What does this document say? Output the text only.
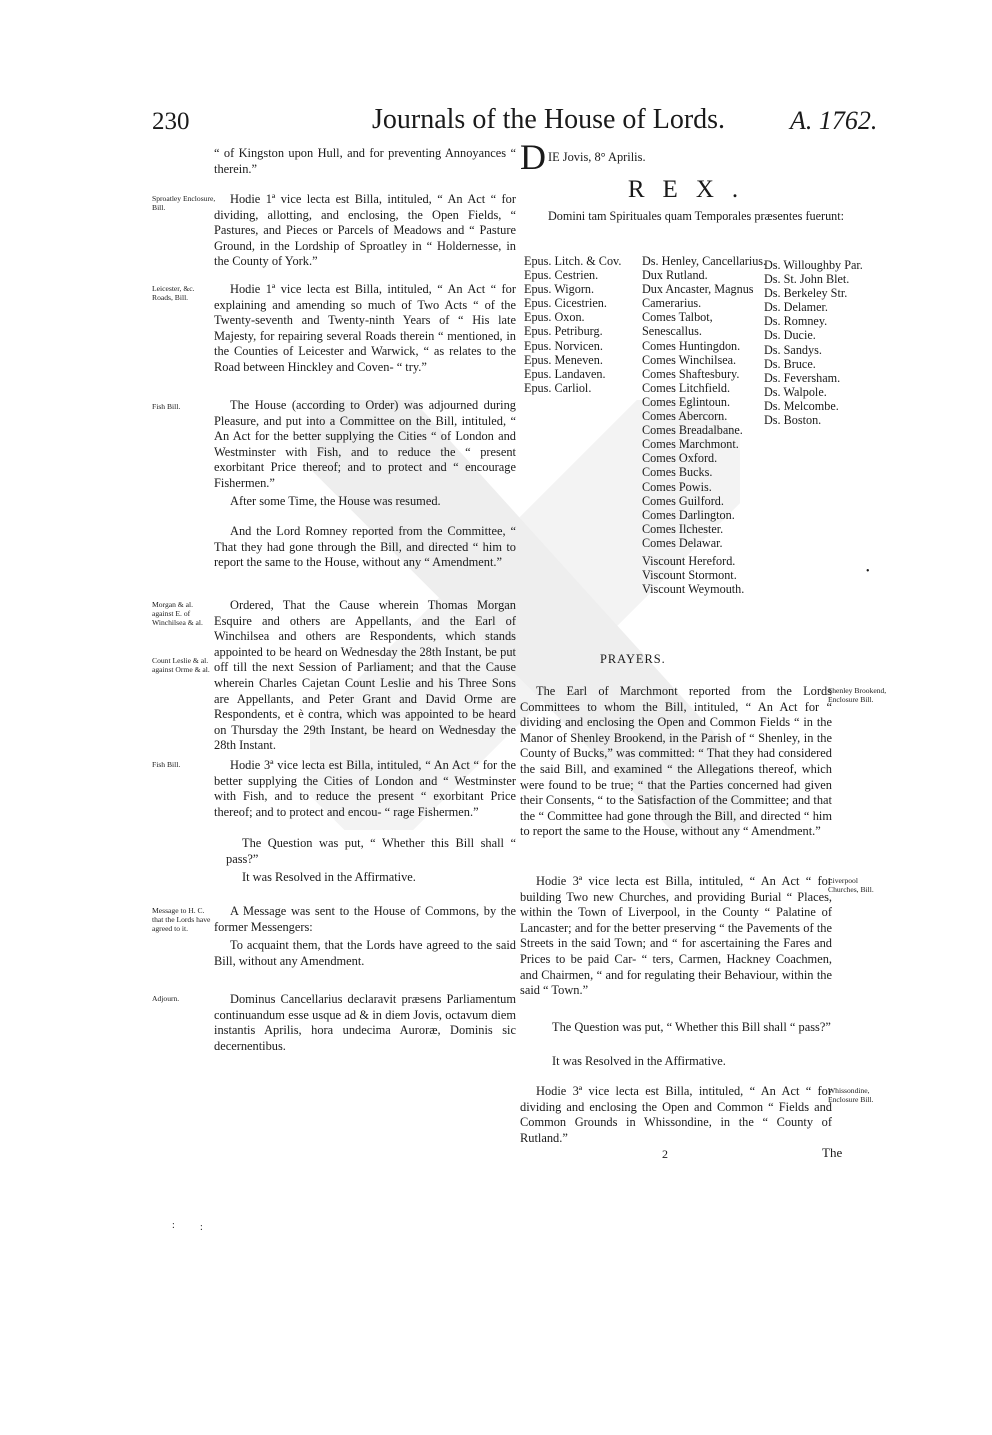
230	Journals of the House of Lords. A. 1762.

“ of Kingston upon Hull, and for preventing Annoyances “ therein.”

Hodie 1ª vice lecta est Billa, intituled, “ An Act “ for dividing, allotting, and enclosing, the Open Fields, “ Pastures, and Pieces or Parcels of Meadows and “ Pasture Ground, in the Lordship of Sproatley in “ Holdernesse, in the County of York.”

Hodie 1ª vice lecta est Billa, intituled, “ An Act “ for explaining and amending so much of Two Acts “ of the Twenty-seventh and Twenty-ninth Years of “ His late Majesty, for repairing several Roads therein “ mentioned, in the Counties of Leicester and Warwick, “ as relates to the Road between Hinckley and Coven- “ try.”

The House (according to Order) was adjourned during Pleasure, and put into a Committee on the Bill, intituled, “ An Act for the better supplying the Cities “ of London and Westminster with Fish, and to reduce the “ present exorbitant Price thereof; and to protect and “ encourage Fishermen.”

After some Time, the House was resumed.

And the Lord Romney reported from the Committee, “ That they had gone through the Bill, and directed “ him to report the same to the House, without any “ Amendment.”

Ordered, That the Cause wherein Thomas Morgan Esquire and others are Appellants, and the Earl of Winchilsea and others are Respondents, which stands appointed to be heard on Wednesday the 28th Instant, be put off till the next Session of Parliament; and that the Cause wherein Charles Cajetan Count Leslie and his Three Sons are Appellants, and Peter Grant and David Orme are Respondents, et è contra, which was appointed to be heard on Thursday the 29th Instant, be heard on Wednesday the 28th Instant.

Hodie 3ª vice lecta est Billa, intituled, “ An Act “ for the better supplying the Cities of London and “ Westminster with Fish, and to reduce the present “ exorbitant Price thereof; and to protect and encou- “ rage Fishermen.”

The Question was put, “ Whether this Bill shall “ pass?”

It was Resolved in the Affirmative.

A Message was sent to the House of Commons, by the former Messengers:

To acquaint them, that the Lords have agreed to the said Bill, without any Amendment.

Dominus Cancellarius declaravit præsens Parliamentum continuandum esse usque ad & in diem Jovis, octavum diem instantis Aprilis, hora undecima Auroræ, Dominis sic decernentibus.

Sproatley Enclosure, Bill.
Leicester, &c. Roads, Bill.
Fish Bill.
Morgan & al. against E. of Winchilsea & al.
Count Leslie & al. against Orme & al.
Fish Bill.
Message to H. C. that the Lords have agreed to it.
Adjourn.
D IE Jovis, 8° Aprilis.
REX.
Domini tam Spirituales quam Temporales præsentes fuerunt:
Epus. Litch. & Cov.
Epus. Cestrien.
Epus. Wigorn.
Epus. Cicestrien.
Epus. Oxon.
Epus. Petriburg.
Epus. Norvicen.
Epus. Meneven.
Epus. Landaven.
Epus. Carliol.
Ds. Henley, Cancellarius.
Dux Rutland.
Dux Ancaster, Magnus Camerarius.
Comes Talbot, Senescallus.
Comes Huntingdon.
Comes Winchilsea.
Comes Shaftesbury.
Comes Litchfield.
Comes Eglintoun.
Comes Abercorn.
Comes Breadalbane.
Comes Marchmont.
Comes Oxford.
Comes Bucks.
Comes Powis.
Comes Guilford.
Comes Darlington.
Comes Ilchester.
Comes Delawar.
Viscount Hereford.
Viscount Stormont.
Viscount Weymouth.
Ds. Willoughby Par.
Ds. St. John Blet.
Ds. Berkeley Str.
Ds. Delamer.
Ds. Romney.
Ds. Ducie.
Ds. Sandys.
Ds. Bruce.
Ds. Feversham.
Ds. Walpole.
Ds. Melcombe.
Ds. Boston.
PRAYERS.

The Earl of Marchmont reported from the Lords Committees to whom the Bill, intituled, “ An Act for “ dividing and enclosing the Open and Common Fields “ in the Manor of Shenley Brookend, in the Parish of “ Shenley, in the County of Bucks,” was committed: “ That they had considered the said Bill, and examined “ the Allegations thereof, which were found to be true; “ that the Parties concerned had given their Consents, “ to the Satisfaction of the Committee; and that the “ Committee had gone through the Bill, and directed “ him to report the same to the House, without any “ Amendment.”

Hodie 3ª vice lecta est Billa, intituled, “ An Act “ for building Two new Churches, and providing Burial “ Places, within the Town of Liverpool, in the County “ Palatine of Lancaster; and for the better preserving “ the Pavements of the Streets in the said Town; and “ for ascertaining the Fares and Prices to be paid Car- “ ters, Carmen, Hackney Coachmen, and Chairmen, “ and for regulating their Behaviour, within the said “ Town.”

The Question was put, “ Whether this Bill shall “ pass?”

It was Resolved in the Affirmative.

Hodie 3ª vice lecta est Billa, intituled, “ An Act “ for dividing and enclosing the Open and Common “ Fields and Common Grounds in Whissondine, in the “ County of Rutland.”

Shenley Brookend, Enclosure Bill.
Liverpool Churches, Bill.
Whissondine, Enclosure Bill.
2	The
:	:
•
